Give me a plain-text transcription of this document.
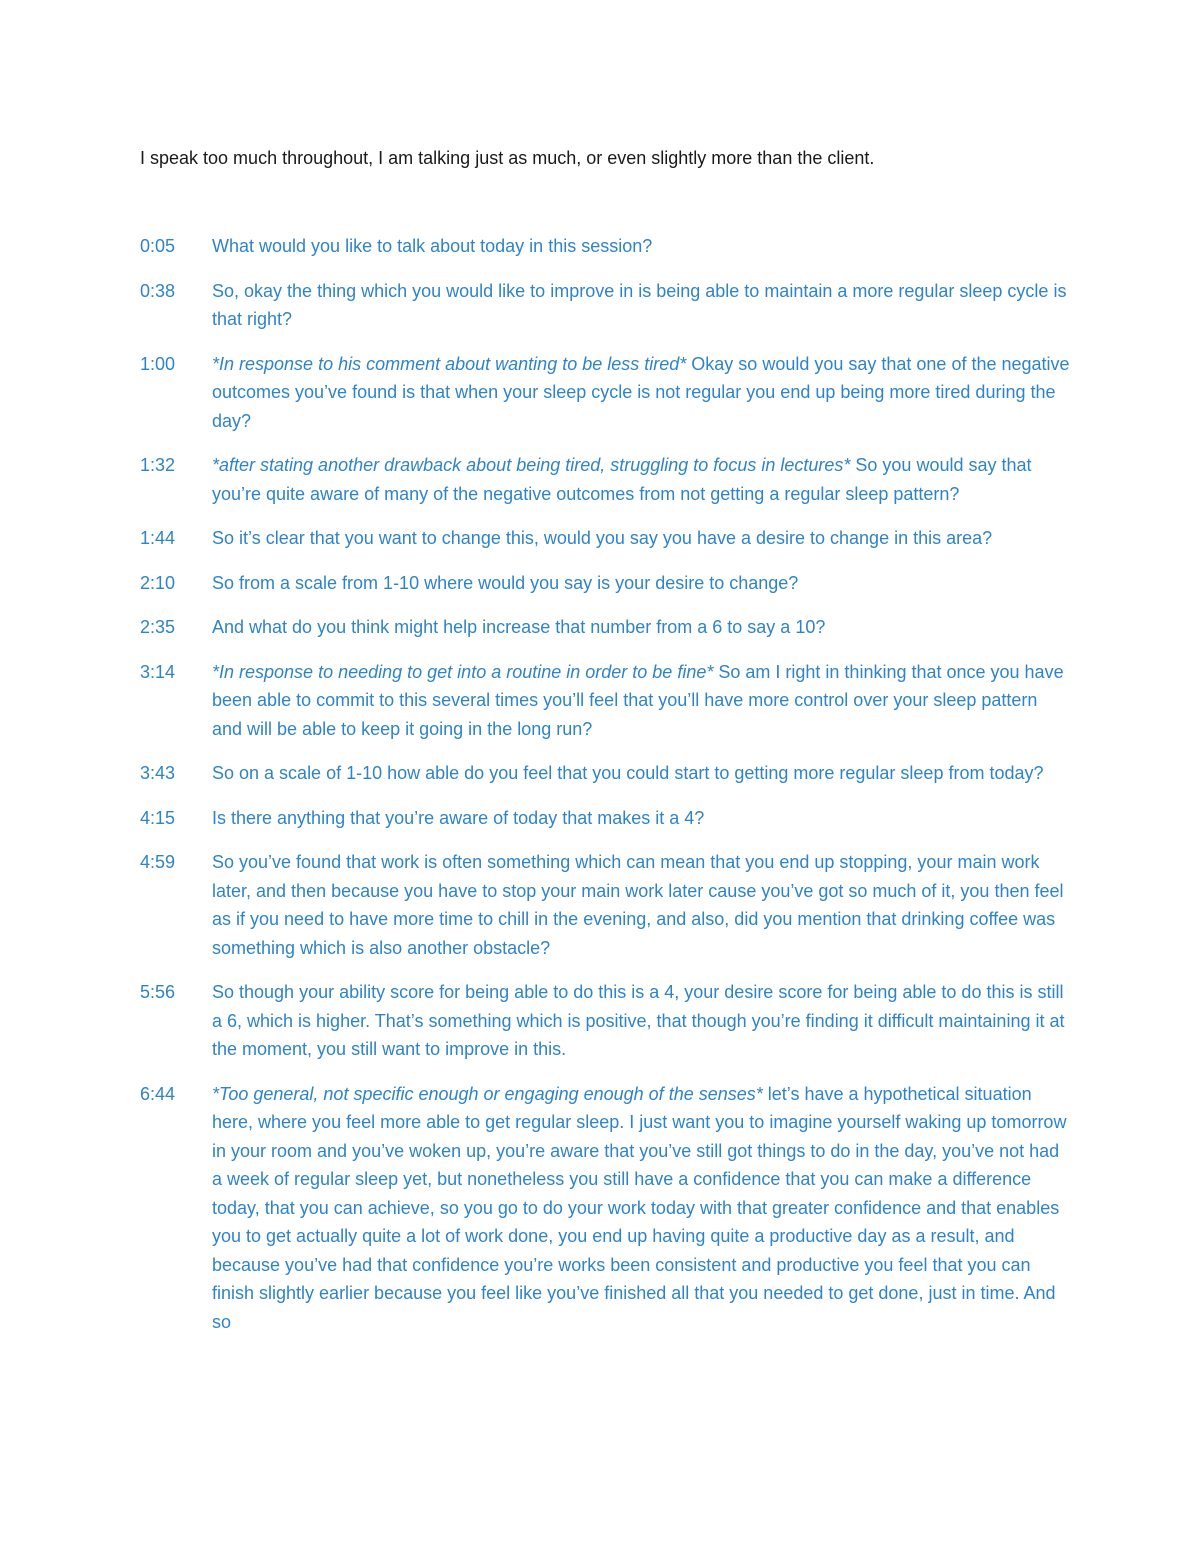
I speak too much throughout, I am talking just as much, or even slightly more than the client.

0:05	What would you like to talk about today in this session?
0:38	So, okay the thing which you would like to improve in is being able to maintain a more regular sleep cycle is that right?
1:00	*In response to his comment about wanting to be less tired* Okay so would you say that one of the negative outcomes you’ve found is that when your sleep cycle is not regular you end up being more tired during the day?
1:32	*after stating another drawback about being tired, struggling to focus in lectures* So you would say that you’re quite aware of many of the negative outcomes from not getting a regular sleep pattern?
1:44	So it’s clear that you want to change this, would you say you have a desire to change in this area?
2:10	So from a scale from 1-10 where would you say is your desire to change?
2:35	And what do you think might help increase that number from a 6 to say a 10?
3:14	*In response to needing to get into a routine in order to be fine* So am I right in thinking that once you have been able to commit to this several times you’ll feel that you’ll have more control over your sleep pattern and will be able to keep it going in the long run?
3:43	So on a scale of 1-10 how able do you feel that you could start to getting more regular sleep from today?
4:15	Is there anything that you’re aware of today that makes it a 4?
4:59	So you’ve found that work is often something which can mean that you end up stopping, your main work later, and then because you have to stop your main work later cause you’ve got so much of it, you then feel as if you need to have more time to chill in the evening, and also, did you mention that drinking coffee was something which is also another obstacle?
5:56	So though your ability score for being able to do this is a 4, your desire score for being able to do this is still a 6, which is higher. That’s something which is positive, that though you’re finding it difficult maintaining it at the moment, you still want to improve in this.
6:44	*Too general, not specific enough or engaging enough of the senses* let’s have a hypothetical situation here, where you feel more able to get regular sleep. I just want you to imagine yourself waking up tomorrow in your room and you’ve woken up, you’re aware that you’ve still got things to do in the day, you’ve not had a week of regular sleep yet, but nonetheless you still have a confidence that you can make a difference today, that you can achieve, so you go to do your work today with that greater confidence and that enables you to get actually quite a lot of work done, you end up having quite a productive day as a result, and because you’ve had that confidence you’re works been consistent and productive you feel that you can finish slightly earlier because you feel like you’ve finished all that you needed to get done, just in time. And so
